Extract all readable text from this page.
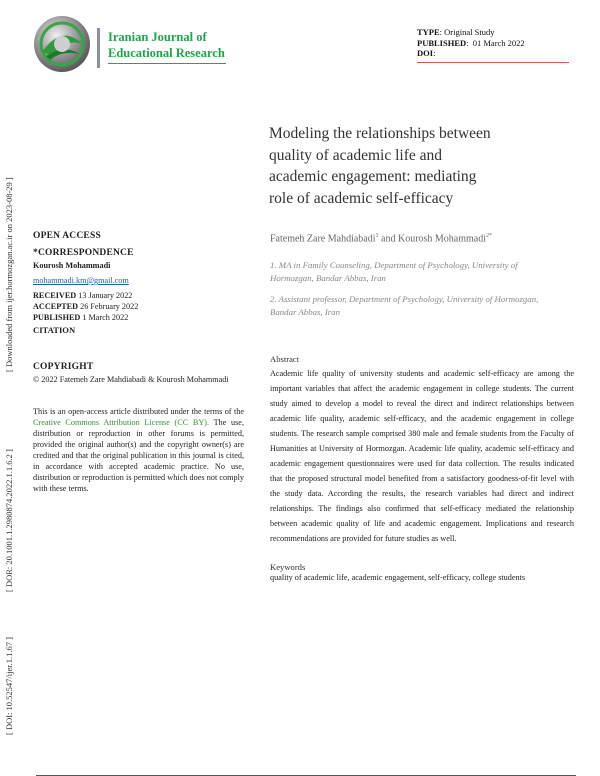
Iranian Journal of
Educational Research
TYPE: Original Study
PUBLISHED:  01 March 2022
DOI:
Modeling the relationships between
quality of academic life and
academic engagement: mediating
role of academic self-efficacy
Fatemeh Zare Mahdiabadi$^1$ and Kourosh Mohammadi$^{2*}$
1. MA in Family Counseling, Department of Psychology, University of Hormozgan, Bandar Abbas, Iran
2. Assistant professor, Department of Psychology, University of Hormozgan, Bandar Abbas, Iran
Abstract
Academic life quality of university students and academic self-efficacy are among the important variables that affect the academic engagement in college students. The current study aimed to develop a model to reveal the direct and indirect relationships between academic life quality, academic self-efficacy, and the academic engagement in college students. The research sample comprised 380 male and female students from the Faculty of Humanities at University of Hormozgan. Academic life quality, academic self-efficacy and academic engagement questionnaires were used for data collection. The results indicated that the proposed structural model benefited from a satisfactory goodness-of-fit level with the study data. According the results, the research variables had direct and indirect relationships. The findings also confirmed that self-efficacy mediated the relationship between academic quality of life and academic engagement. Implications and research recommendations are provided for future studies as well.
Keywords
quality of academic life, academic engagement, self-efficacy, college students
OPEN ACCESS
*CORRESPONDENCE
Kourosh Mohammadi
mohammadi.km@gmail.com
RECEIVED 13 January 2022
ACCEPTED 26 February 2022
PUBLISHED 1 March 2022
CITATION
COPYRIGHT
© 2022 Fatemeh Zare Mahdiabadi & Kourosh Mohammadi
This is an open-access article distributed under the terms of the Creative Commons Attribution License (CC BY). The use, distribution or reproduction in other forums is permitted, provided the original author(s) and the copyright owner(s) are credited and that the original publication in this journal is cited, in accordance with accepted academic practice. No use, distribution or reproduction is permitted which does not comply with these terms.
[ Downloaded from ijer.hormozgan.ac.ir on 2023-08-29 ]
[ DOR: 20.1001.1.2980874.2022.1.1.6.2 ]
[ DOI: 10.52547/ijer.1.1.67 ]
